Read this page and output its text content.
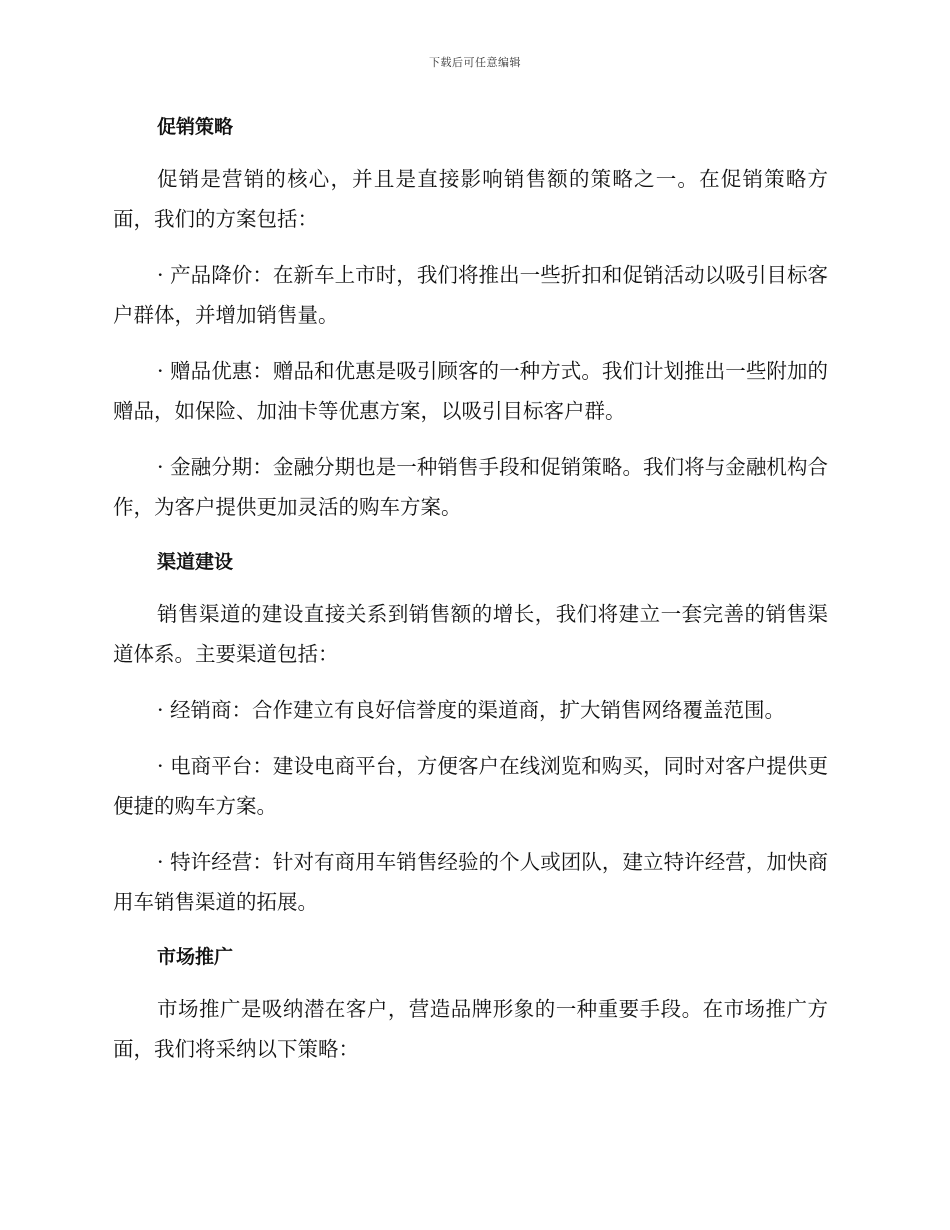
下载后可任意编辑
促销策略

促销是营销的核心，并且是直接影响销售额的策略之一。在促销策略方面，我们的方案包括：

· 产品降价：在新车上市时，我们将推出一些折扣和促销活动以吸引目标客户群体，并增加销售量。

· 赠品优惠：赠品和优惠是吸引顾客的一种方式。我们计划推出一些附加的赠品，如保险、加油卡等优惠方案，以吸引目标客户群。

· 金融分期：金融分期也是一种销售手段和促销策略。我们将与金融机构合作，为客户提供更加灵活的购车方案。

渠道建设

销售渠道的建设直接关系到销售额的增长，我们将建立一套完善的销售渠道体系。主要渠道包括：

· 经销商：合作建立有良好信誉度的渠道商，扩大销售网络覆盖范围。

· 电商平台：建设电商平台，方便客户在线浏览和购买，同时对客户提供更便捷的购车方案。

· 特许经营：针对有商用车销售经验的个人或团队，建立特许经营，加快商用车销售渠道的拓展。

市场推广

市场推广是吸纳潜在客户，营造品牌形象的一种重要手段。在市场推广方面，我们将采纳以下策略：
